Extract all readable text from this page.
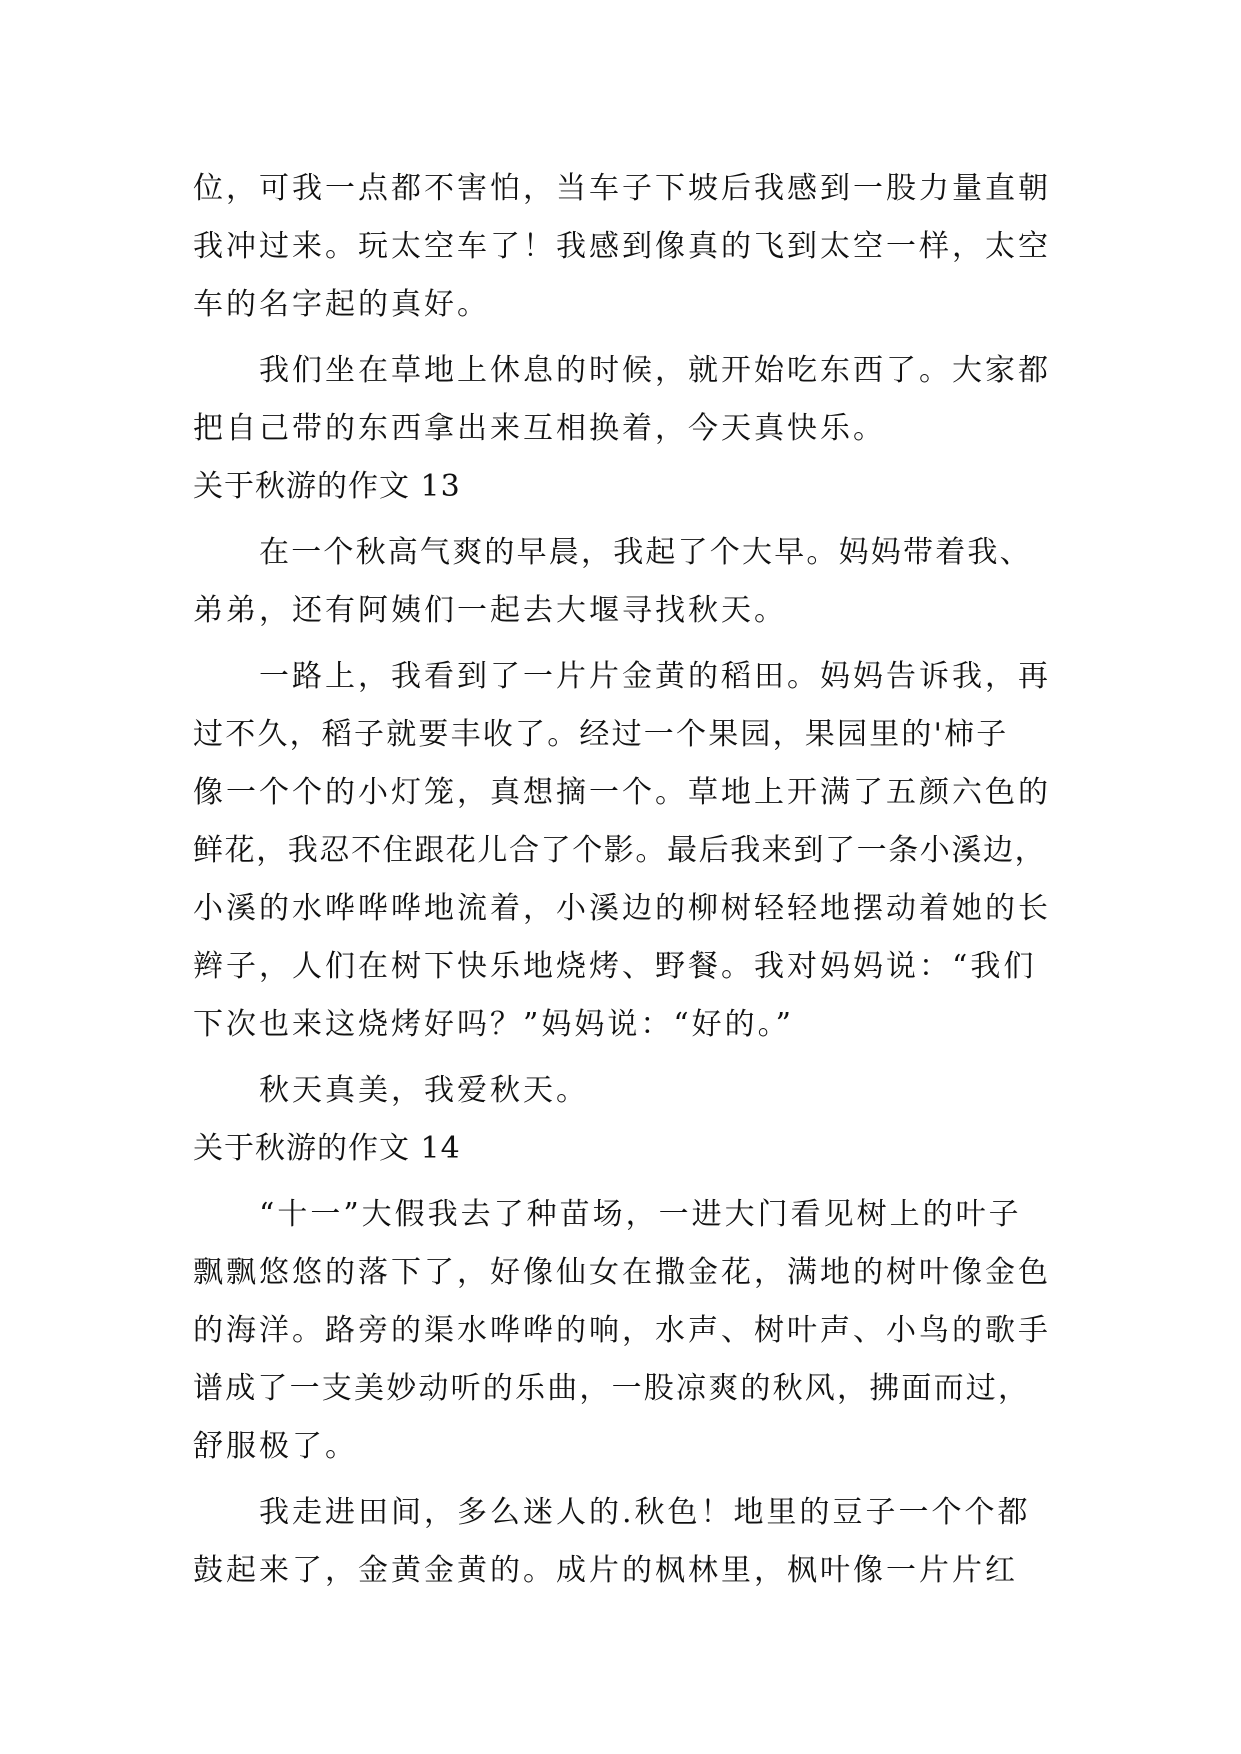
位，可我一点都不害怕，当车子下坡后我感到一股力量直朝
我冲过来。玩太空车了！我感到像真的飞到太空一样，太空
车的名字起的真好。
我们坐在草地上休息的时候，就开始吃东西了。大家都
把自己带的东西拿出来互相换着，今天真快乐。
关于秋游的作文 13
在一个秋高气爽的早晨，我起了个大早。妈妈带着我、
弟弟，还有阿姨们一起去大堰寻找秋天。
一路上，我看到了一片片金黄的稻田。妈妈告诉我，再
过不久，稻子就要丰收了。经过一个果园，果园里的'柿子
像一个个的小灯笼，真想摘一个。草地上开满了五颜六色的
鲜花，我忍不住跟花儿合了个影。最后我来到了一条小溪边，
小溪的水哗哗哗地流着，小溪边的柳树轻轻地摆动着她的长
辫子，人们在树下快乐地烧烤、野餐。我对妈妈说：“我们
下次也来这烧烤好吗？”妈妈说：“好的。”
秋天真美，我爱秋天。
关于秋游的作文 14
“十一”大假我去了种苗场，一进大门看见树上的叶子
飘飘悠悠的落下了，好像仙女在撒金花，满地的树叶像金色
的海洋。路旁的渠水哗哗的响，水声、树叶声、小鸟的歌手
谱成了一支美妙动听的乐曲，一股凉爽的秋风，拂面而过，
舒服极了。
我走进田间，多么迷人的.秋色！地里的豆子一个个都
鼓起来了，金黄金黄的。成片的枫林里，枫叶像一片片红
